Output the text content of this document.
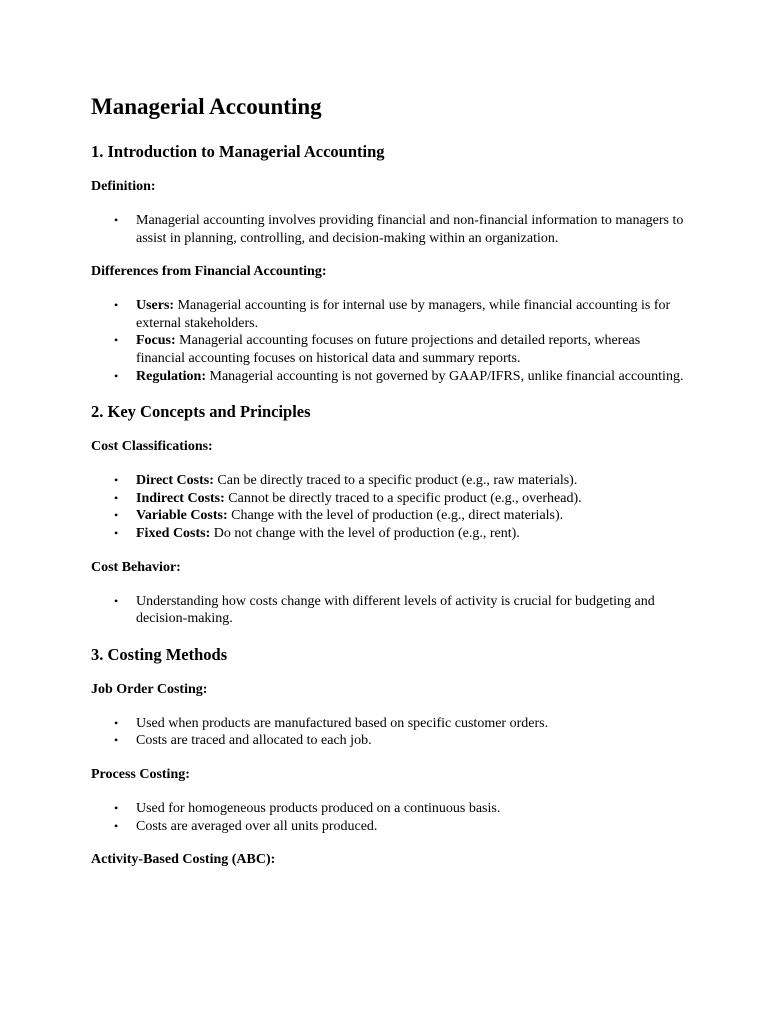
Managerial Accounting
1. Introduction to Managerial Accounting
Definition:
• Managerial accounting involves providing financial and non-financial information to managers to assist in planning, controlling, and decision-making within an organization.
Differences from Financial Accounting:
• Users: Managerial accounting is for internal use by managers, while financial accounting is for external stakeholders.
• Focus: Managerial accounting focuses on future projections and detailed reports, whereas financial accounting focuses on historical data and summary reports.
• Regulation: Managerial accounting is not governed by GAAP/IFRS, unlike financial accounting.
2. Key Concepts and Principles
Cost Classifications:
• Direct Costs: Can be directly traced to a specific product (e.g., raw materials).
• Indirect Costs: Cannot be directly traced to a specific product (e.g., overhead).
• Variable Costs: Change with the level of production (e.g., direct materials).
• Fixed Costs: Do not change with the level of production (e.g., rent).
Cost Behavior:
• Understanding how costs change with different levels of activity is crucial for budgeting and decision-making.
3. Costing Methods
Job Order Costing:
• Used when products are manufactured based on specific customer orders.
• Costs are traced and allocated to each job.
Process Costing:
• Used for homogeneous products produced on a continuous basis.
• Costs are averaged over all units produced.
Activity-Based Costing (ABC):
